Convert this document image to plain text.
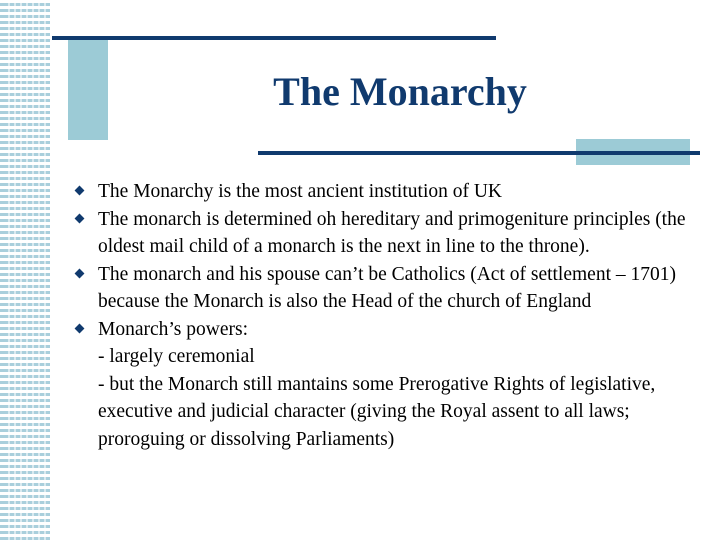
The Monarchy
The Monarchy is the most ancient institution of UK
The monarch is determined oh hereditary and primogeniture principles (the oldest mail child of a monarch is the next in line to the throne).
The monarch and his spouse can’t be Catholics (Act of settlement – 1701) because the Monarch is also the Head of the church of England
Monarch’s powers:
- largely ceremonial
- but the Monarch still mantains some Prerogative Rights of legislative, executive and judicial character (giving the Royal assent to all laws; proroguing or dissolving Parliaments)
